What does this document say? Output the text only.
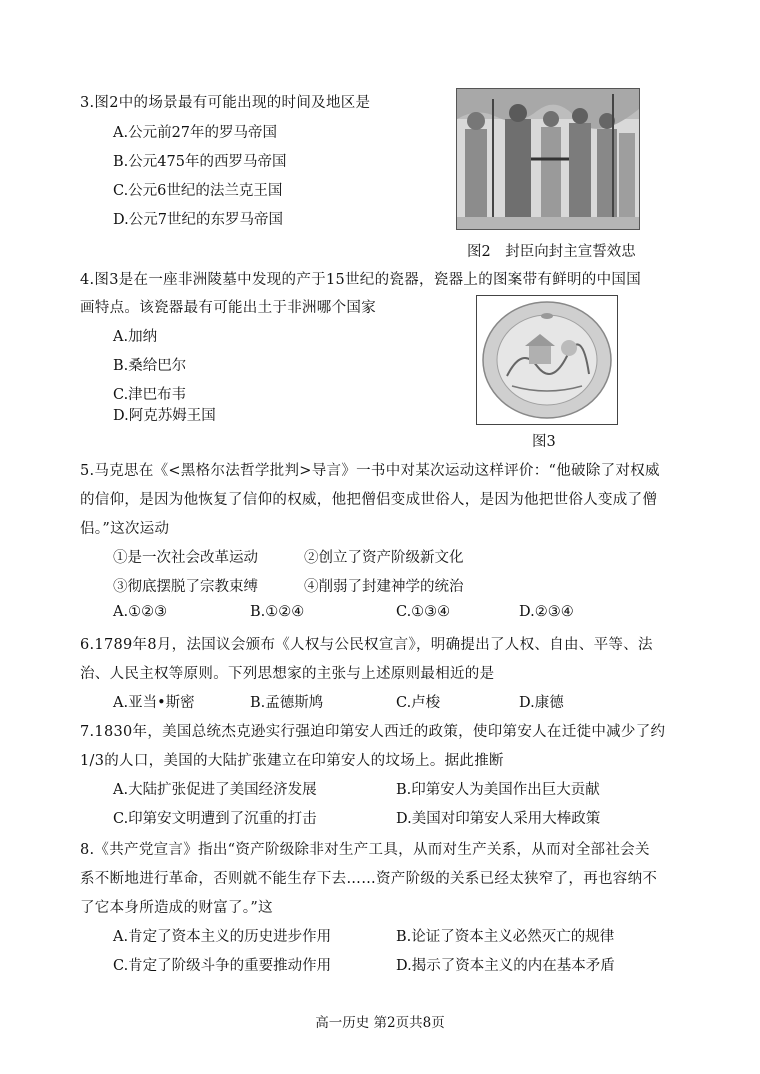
3.图2中的场景最有可能出现的时间及地区是
A.公元前27年的罗马帝国
B.公元475年的西罗马帝国
C.公元6世纪的法兰克王国
D.公元7世纪的东罗马帝国
图2　封臣向封主宣誓效忠
4.图3是在一座非洲陵墓中发现的产于15世纪的瓷器，瓷器上的图案带有鲜明的中国国
画特点。该瓷器最有可能出土于非洲哪个国家
A.加纳
B.桑给巴尔
C.津巴布韦
D.阿克苏姆王国
图3
5.马克思在《<黑格尔法哲学批判>导言》一书中对某次运动这样评价：“他破除了对权威
的信仰，是因为他恢复了信仰的权威，他把僧侣变成世俗人，是因为他把世俗人变成了僧
侣。”这次运动
①是一次社会改革运动	②创立了资产阶级新文化
③彻底摆脱了宗教束缚	④削弱了封建神学的统治
A.①②③	B.①②④	C.①③④	D.②③④
6.1789年8月，法国议会颁布《人权与公民权宣言》，明确提出了人权、自由、平等、法
治、人民主权等原则。下列思想家的主张与上述原则最相近的是
A.亚当•斯密	B.孟德斯鸠	C.卢梭	D.康德
7.1830年，美国总统杰克逊实行强迫印第安人西迁的政策，使印第安人在迁徙中减少了约
1/3的人口，美国的大陆扩张建立在印第安人的坟场上。据此推断
A.大陆扩张促进了美国经济发展	B.印第安人为美国作出巨大贡献
C.印第安文明遭到了沉重的打击	D.美国对印第安人采用大棒政策
8.《共产党宣言》指出“资产阶级除非对生产工具，从而对生产关系，从而对全部社会关
系不断地进行革命，否则就不能生存下去……资产阶级的关系已经太狭窄了，再也容纳不
了它本身所造成的财富了。”这
A.肯定了资本主义的历史进步作用	B.论证了资本主义必然灭亡的规律
C.肯定了阶级斗争的重要推动作用	D.揭示了资本主义的内在基本矛盾
高一历史 第2页共8页
